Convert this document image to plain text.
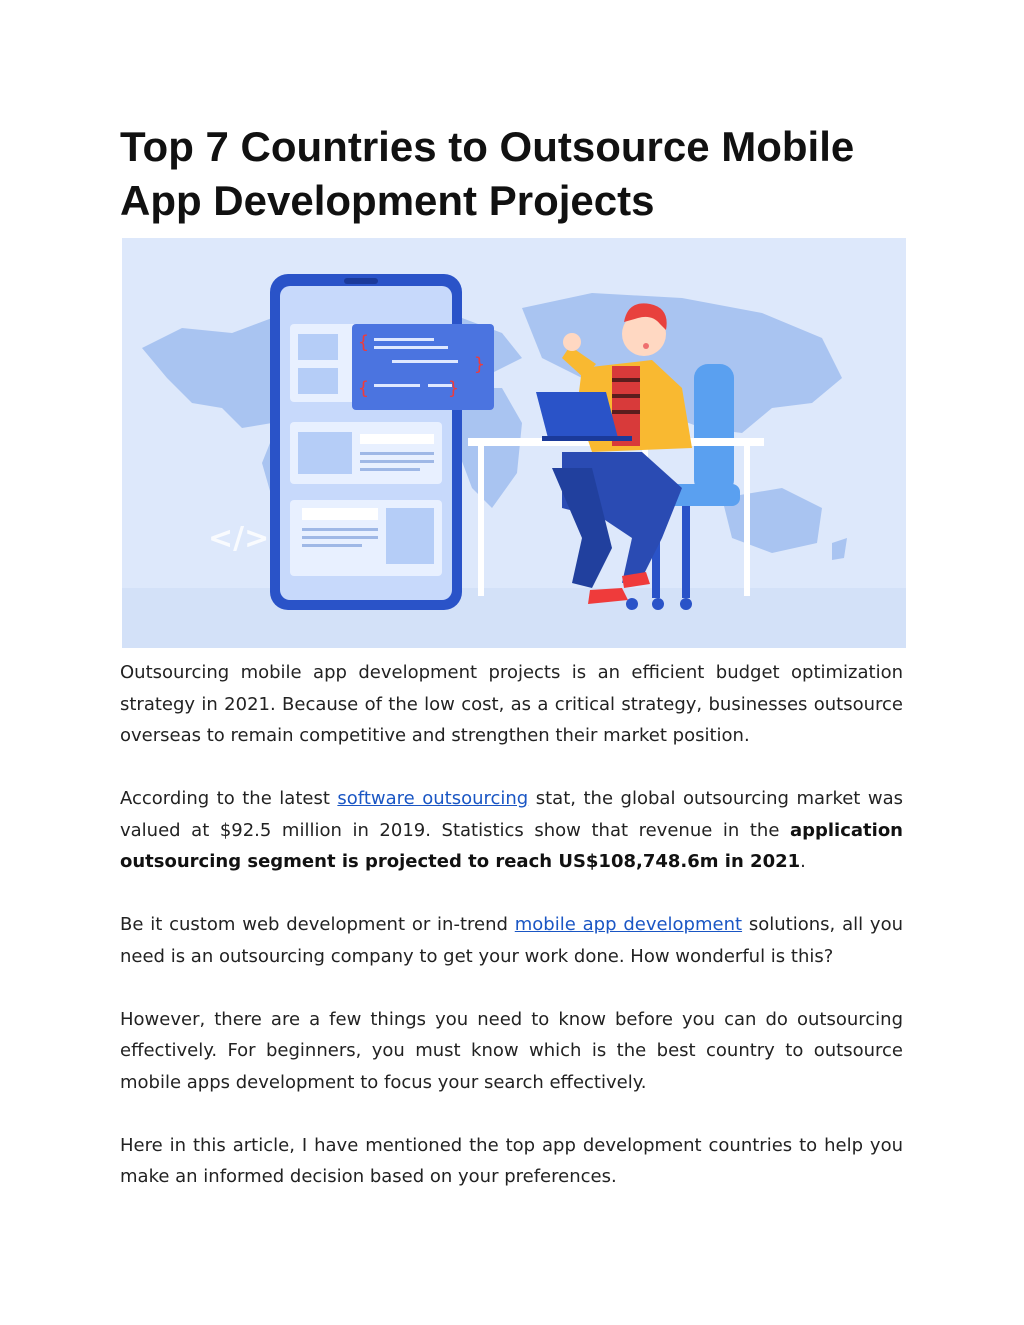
Top 7 Countries to Outsource Mobile App Development Projects
</>
{
}
{	}

Outsourcing mobile app development projects is an efficient budget optimization strategy in 2021. Because of the low cost, as a critical strategy, businesses outsource overseas to remain competitive and strengthen their market position.

According to the latest software outsourcing stat, the global outsourcing market was valued at $92.5 million in 2019. Statistics show that revenue in the application outsourcing segment is projected to reach US$108,748.6m in 2021.

Be it custom web development or in-trend mobile app development solutions, all you need is an outsourcing company to get your work done. How wonderful is this?

However, there are a few things you need to know before you can do outsourcing effectively. For beginners, you must know which is the best country to outsource mobile apps development to focus your search effectively.

Here in this article, I have mentioned the top app development countries to help you make an informed decision based on your preferences.
